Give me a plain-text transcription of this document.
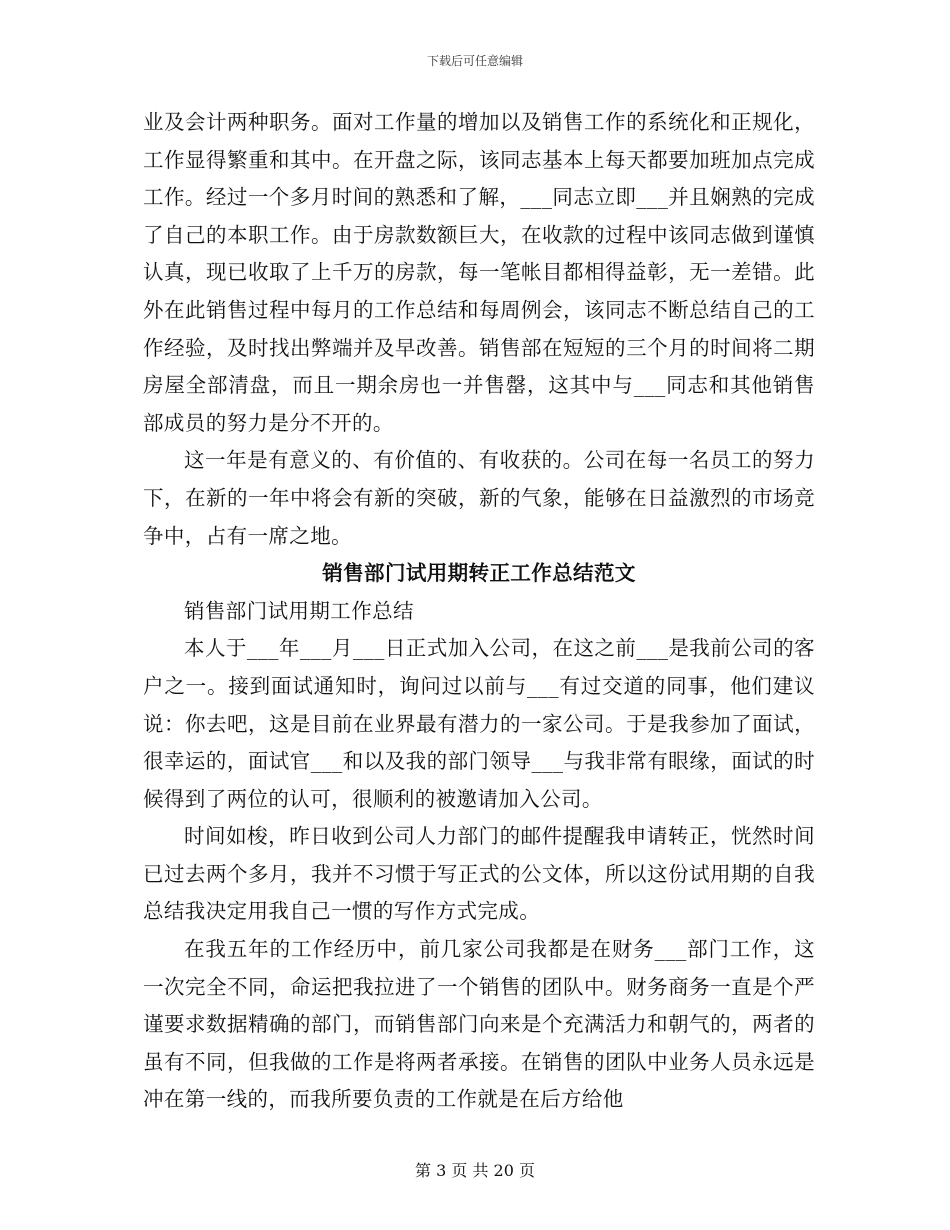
下载后可任意编辑

业及会计两种职务。面对工作量的增加以及销售工作的系统化和正规化，工作显得繁重和其中。在开盘之际，该同志基本上每天都要加班加点完成工作。经过一个多月时间的熟悉和了解，___同志立即___并且娴熟的完成了自己的本职工作。由于房款数额巨大，在收款的过程中该同志做到谨慎认真，现已收取了上千万的房款，每一笔帐目都相得益彰，无一差错。此外在此销售过程中每月的工作总结和每周例会，该同志不断总结自己的工作经验，及时找出弊端并及早改善。销售部在短短的三个月的时间将二期房屋全部清盘，而且一期余房也一并售罄，这其中与___同志和其他销售部成员的努力是分不开的。

这一年是有意义的、有价值的、有收获的。公司在每一名员工的努力下，在新的一年中将会有新的突破，新的气象，能够在日益激烈的市场竞争中，占有一席之地。

销售部门试用期转正工作总结范文

销售部门试用期工作总结

本人于___年___月___日正式加入公司，在这之前___是我前公司的客户之一。接到面试通知时，询问过以前与___有过交道的同事，他们建议说：你去吧，这是目前在业界最有潜力的一家公司。于是我参加了面试，很幸运的，面试官___和以及我的部门领导___与我非常有眼缘，面试的时候得到了两位的认可，很顺利的被邀请加入公司。

时间如梭，昨日收到公司人力部门的邮件提醒我申请转正，恍然时间已过去两个多月，我并不习惯于写正式的公文体，所以这份试用期的自我总结我决定用我自己一惯的写作方式完成。

在我五年的工作经历中，前几家公司我都是在财务___部门工作，这一次完全不同，命运把我拉进了一个销售的团队中。财务商务一直是个严谨要求数据精确的部门，而销售部门向来是个充满活力和朝气的，两者的虽有不同，但我做的工作是将两者承接。在销售的团队中业务人员永远是冲在第一线的，而我所要负责的工作就是在后方给他

第 3 页 共 20 页
